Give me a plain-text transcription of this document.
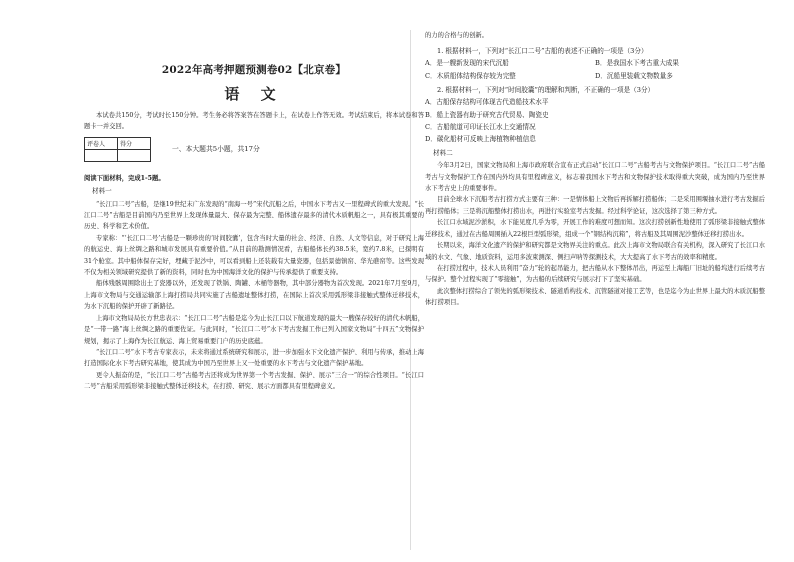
2022年高考押题预测卷02【北京卷】
语 文

本试卷共150分，考试时长150分钟。考生务必将答案答在答题卡上，在试卷上作答无效。考试结束后，将本试卷和答题卡一并交回。

评卷人	得分

一、本大题共5小题，共17分

阅读下面材料，完成1-5题。

材料一

“长江口二号”古船，是继19世纪末广东发现的“南海一号”宋代沉船之后，中国水下考古又一里程碑式的重大发现。“长江口二号”古船是目前国内乃至世界上发现体量最大、保存最为完整、船体遗存最多的清代木质帆船之一，具有极其重要的历史、科学和艺术价值。

专家称：“‘长江口二号’古船是一颗珍贵的‘时间胶囊’，包含当时大量的社会、经济、自然、人文等信息，对于研究上海的航运史、海上丝绸之路和城市发展具有重要价值。”从目前的勘测情况看，古船船体长约38.5米，宽约7.8米，已探明有31个舱室。其中船体保存完好，埋藏于泥沙中，可以看到船上还装载有大量瓷器，包括景德镇窑、华光礁窑等。这些发现不仅为相关领域研究提供了新的资料，同时也为中国海洋文化的保护与传承提供了重要支持。

船体残骸周围除出土了瓷器以外，还发现了铁锅、陶罐、木桶等器物，其中部分器物为首次发现。2021年7月至9月，上海市文物局与交通运输部上海打捞局共同实施了古船遗址整体打捞，在国际上首次采用弧形梁非接触式整体迁移技术，为水下沉船的保护开辟了新路径。

上海市文物局局长方世忠表示：“长江口二号”古船是迄今为止长江口以下航道发现的最大一艘保存较好的清代木帆船，是“一带一路”海上丝绸之路的重要佐证。与此同时，“长江口二号”水下考古发掘工作已列入国家文物局“十四五”文物保护规划，揭示了上海作为长江航运、海上贸易重要门户的历史底蕴。

“长江口二号”水下考古专家表示，未来将通过系统研究和展示，进一步加强水下文化遗产保护、利用与传承，推动上海打造国际化水下考古研究基地，使其成为中国乃至世界上又一处重要的水下考古与文化遗产保护基地。

更令人振奋的是，“长江口二号”古船考古还将成为世界第一个考古发掘、保护、展示“三合一”的综合性项目。“长江口二号”古船采用弧形梁非接触式整体迁移技术，在打捞、研究、展示方面都具有里程碑意义。

的力的合格与的创新。

1. 根据材料一，下列对“长江口二号”古船的表述不正确的一项是（3分）

A．是一艘新发现的宋代沉船	B．是我国水下考古重大成果
C．木质船体结构保存较为完整	D．沉船里装载文物数量多

2. 根据材料一，下列对“时间胶囊”的理解和判断，不正确的一项是（3分）

A．古船保存结构可体现古代造船技术水平
B．船上瓷器有助于研究古代贸易、陶瓷史
C．古船航道可印证长江水上交通情况
D．碳化船材可反映上海植物种植信息

材料二

今年3月2日，国家文物局和上海市政府联合宣布正式启动“长江口二号”古船考古与文物保护项目。“长江口二号”古船考古与文物保护工作在国内外均具有里程碑意义，标志着我国水下考古和文物保护技术取得重大突破，成为国内乃至世界水下考古史上的重要事件。

目前全球水下沉船考古打捞方式主要有三种：一是情体船上文物后再拆解打捞船体；二是采用围堰抽水进行考古发掘后再打捞船体；三是将沉船整体打捞出水，再进行实验室考古发掘。经过科学论证，这次选择了第三种方式。

长江口水域泥沙淤积，水下能见度几乎为零，开展工作的难度可想而知。这次打捞创新性地使用了弧形梁非接触式整体迁移技术，通过在古船周围插入22根巨型弧形梁，组成一个“钢结构沉箱”，将古船及其周围泥沙整体迁移打捞出水。

长期以来，海洋文化遗产的保护和研究都是文物界关注的重点。此次上海市文物局联合有关机构，深入研究了长江口水域的水文、气象、地质资料，运用多波束测深、侧扫声呐等探测技术，大大提高了水下考古的效率和精度。

在打捞过程中，技术人员利用“奋力”轮的起吊能力，把古船从水下整体吊出，再运至上海船厂旧址的船坞进行后续考古与保护。整个过程实现了“零接触”，为古船的后续研究与展示打下了坚实基础。

此次整体打捞综合了领先的弧形梁技术、隧道盾构技术、沉管隧道对接工艺等，也是迄今为止世界上最大的木质沉船整体打捞项目。
